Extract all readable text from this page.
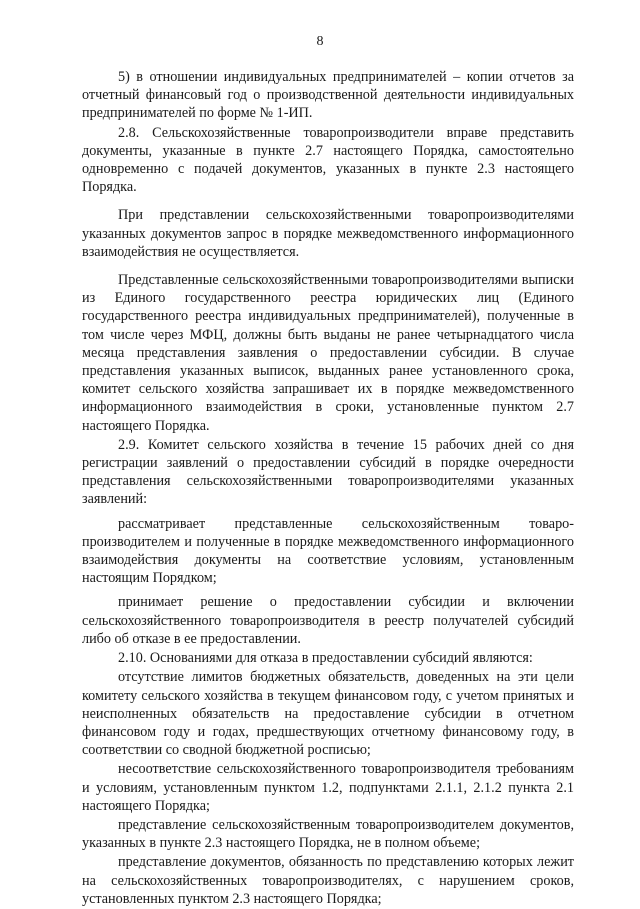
8

5) в отношении индивидуальных предпринимателей – копии отчетов за отчетный финансовый год о производственной деятельности индивидуальных предпринимателей по форме № 1-ИП.

2.8. Сельскохозяйственные товаропроизводители вправе представить документы, указанные в пункте 2.7 настоящего Порядка, самостоятельно одновременно с подачей документов, указанных в пункте 2.3 настоящего Порядка.

При представлении сельскохозяйственными товаропроизводителями указанных документов запрос в порядке межведомственного информационного взаимодействия не осуществляется.

Представленные сельскохозяйственными товаропроизводителями выписки из Единого государственного реестра юридических лиц (Единого государственного реестра индивидуальных предпринимателей), полученные в том числе через МФЦ, должны быть выданы не ранее четырнадцатого числа месяца представления заявления о предоставлении субсидии. В случае представления указанных выписок, выданных ранее установленного срока, комитет сельского хозяйства запрашивает их в порядке межведомственного информационного взаимодействия в сроки, установленные пунктом 2.7 настоящего Порядка.

2.9. Комитет сельского хозяйства в течение 15 рабочих дней со дня регистрации заявлений о предоставлении субсидий в порядке очередности представления сельскохозяйственными товаропроизводителями указанных заявлений:

рассматривает представленные сельскохозяйственным товаро-производителем и полученные в порядке межведомственного информационного взаимодействия документы на соответствие условиям, установленным настоящим Порядком;

принимает решение о предоставлении субсидии и включении сельскохозяйственного товаропроизводителя в реестр получателей субсидий либо об отказе в ее предоставлении.

2.10. Основаниями для отказа в предоставлении субсидий являются:

отсутствие лимитов бюджетных обязательств, доведенных на эти цели комитету сельского хозяйства в текущем финансовом году, с учетом принятых и неисполненных обязательств на предоставление субсидии в отчетном финансовом году и годах, предшествующих отчетному финансовому году, в соответствии со сводной бюджетной росписью;

несоответствие сельскохозяйственного товаропроизводителя требованиям и условиям, установленным пунктом 1.2, подпунктами 2.1.1, 2.1.2 пункта 2.1 настоящего Порядка;

представление сельскохозяйственным товаропроизводителем документов, указанных в пункте 2.3 настоящего Порядка, не в полном объеме;

представление документов, обязанность по представлению которых лежит на сельскохозяйственных товаропроизводителях, с нарушением сроков, установленных пунктом 2.3 настоящего Порядка;
